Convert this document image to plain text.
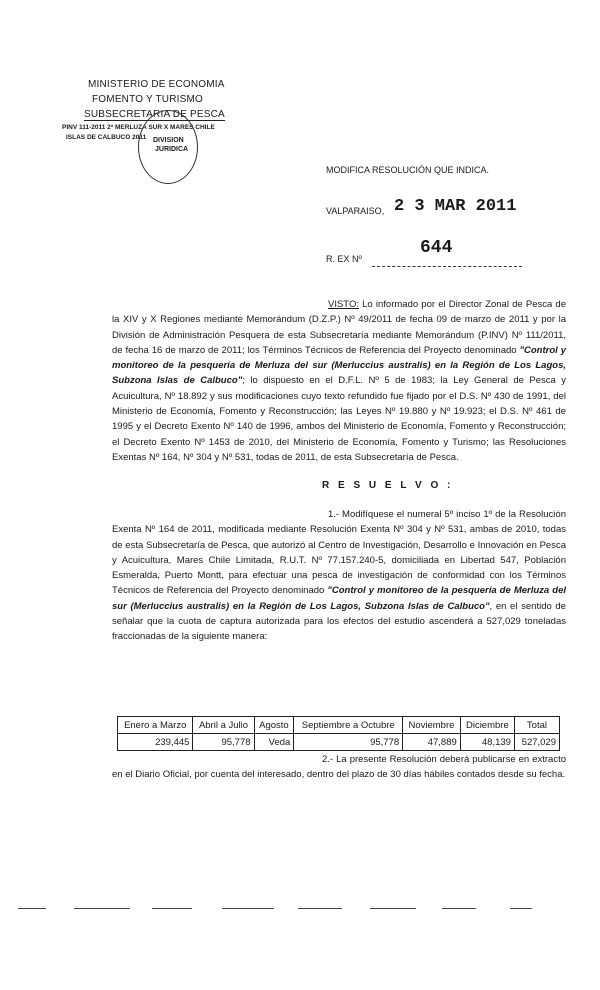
MINISTERIO DE ECONOMIA
FOMENTO Y TURISMO
SUBSECRETARIA DE PESCA
PINV 111-2011 2ª MERLUZA SUR X MARES CHILE
ISLAS DE CALBUCO 2011 DIVISION
JURIDICA
MODIFICA RESOLUCIÓN QUE INDICA.
VALPARAISO, 2 3 MAR 2011
R. EX Nº
644
VISTO: Lo informado por el Director Zonal de Pesca de la XIV y X Regiones mediante Memorándum (D.Z.P.) Nº 49/2011 de fecha 09 de marzo de 2011 y por la División de Administración Pesquera de esta Subsecretaría mediante Memorándum (P.INV) Nº 111/2011, de fecha 16 de marzo de 2011; los Términos Técnicos de Referencia del Proyecto denominado "Control y monitoreo de la pesquería de Merluza del sur (Merluccius australis) en la Región de Los Lagos, Subzona Islas de Calbuco"; lo dispuesto en el D.F.L. Nº 5 de 1983; la Ley General de Pesca y Acuicultura, Nº 18.892 y sus modificaciones cuyo texto refundido fue fijado por el D.S. Nº 430 de 1991, del Ministerio de Economía, Fomento y Reconstrucción; las Leyes Nº 19.880 y Nº 19.923; el D.S. Nº 461 de 1995 y el Decreto Exento Nº 140 de 1996, ambos del Ministerio de Economía, Fomento y Reconstrucción; el Decreto Exento Nº 1453 de 2010, del Ministerio de Economía, Fomento y Turismo; las Resoluciones Exentas Nº 164, Nº 304 y Nº 531, todas de 2011, de esta Subsecretaría de Pesca.
R E S U E L V O :
1.- Modifíquese el numeral 5º inciso 1º de la Resolución Exenta Nº 164 de 2011, modificada mediante Resolución Exenta Nº 304 y Nº 531, ambas de 2010, todas de esta Subsecretaría de Pesca, que autorizó al Centro de Investigación, Desarrollo e Innovación en Pesca y Acuicultura, Mares Chile Limitada, R.U.T. Nº 77.157.240-5, domiciliada en Libertad 547, Población Esmeralda, Puerto Montt, para efectuar una pesca de investigación de conformidad con los Términos Técnicos de Referencia del Proyecto denominado "Control y monitoreo de la pesquería de Merluza del sur (Merluccius australis) en la Región de Los Lagos, Subzona Islas de Calbuco", en el sentido de señalar que la cuota de captura autorizada para los efectos del estudio ascenderá a 527,029 toneladas fraccionadas de la siguiente manera:
Enero a Marzo	Abril a Julio	Agosto	Septiembre a Octubre	Noviembre	Diciembre	Total
239,445	95,778	Veda	95,778	47,889	48,139	527,029
2.- La presente Resolución deberá publicarse en extracto en el Diario Oficial, por cuenta del interesado, dentro del plazo de 30 días hábiles contados desde su fecha.
